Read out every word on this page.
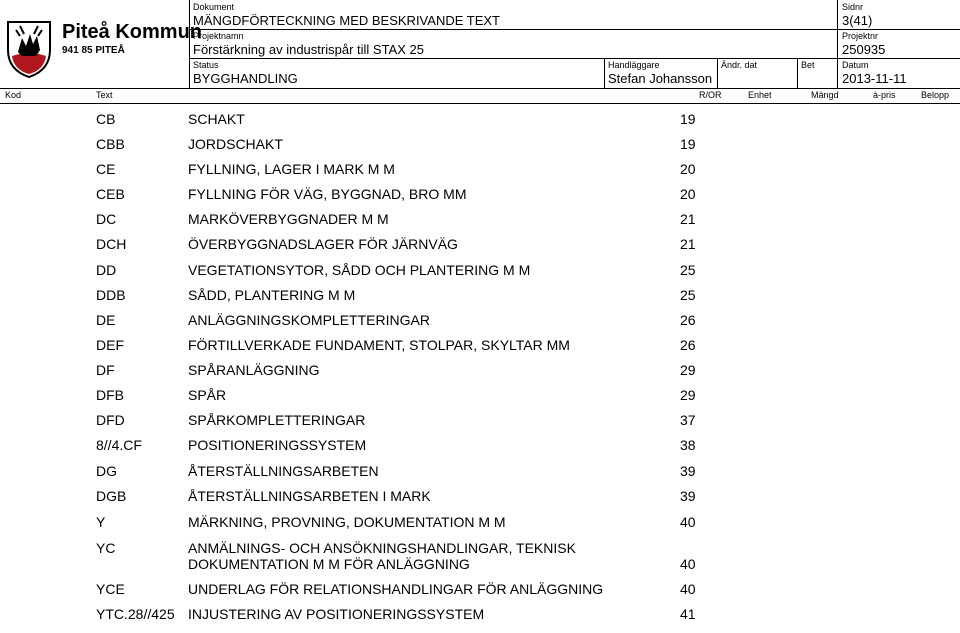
Piteå Kommun
941 85 PITEÅ
Dokument
MÄNGDFÖRTECKNING MED BESKRIVANDE TEXT
Sidnr
3(41)
Projektnamn
Förstärkning av industrispår till STAX 25
Projektnr
250935
Status
BYGGHANDLING
Handläggare
Stefan Johansson
Ändr. dat	Bet	Datum
2013-11-11
Kod	Text	R/OR	Enhet	Mängd	à-pris	Belopp
CB	SCHAKT	19
CBB	JORDSCHAKT	19
CE	FYLLNING, LAGER I MARK M M	20
CEB	FYLLNING FÖR VÄG, BYGGNAD, BRO MM	20
DC	MARKÖVERBYGGNADER M M	21
DCH	ÖVERBYGGNADSLAGER FÖR JÄRNVÄG	21
DD	VEGETATIONSYTOR, SÅDD OCH PLANTERING M M	25
DDB	SÅDD, PLANTERING M M	25
DE	ANLÄGGNINGSKOMPLETTERINGAR	26
DEF	FÖRTILLVERKADE FUNDAMENT, STOLPAR, SKYLTAR MM	26
DF	SPÅRANLÄGGNING	29
DFB	SPÅR	29
DFD	SPÅRKOMPLETTERINGAR	37
8//4.CF	POSITIONERINGSSYSTEM	38
DG	ÅTERSTÄLLNINGSARBETEN	39
DGB	ÅTERSTÄLLNINGSARBETEN I MARK	39
Y	MÄRKNING, PROVNING, DOKUMENTATION M M	40
YC	ANMÄLNINGS- OCH ANSÖKNINGSHANDLINGAR, TEKNISK
DOKUMENTATION M M FÖR ANLÄGGNING	40
YCE	UNDERLAG FÖR RELATIONSHANDLINGAR FÖR ANLÄGGNING	40
YTC.28//425 INJUSTERING AV POSITIONERINGSSYSTEM	41
